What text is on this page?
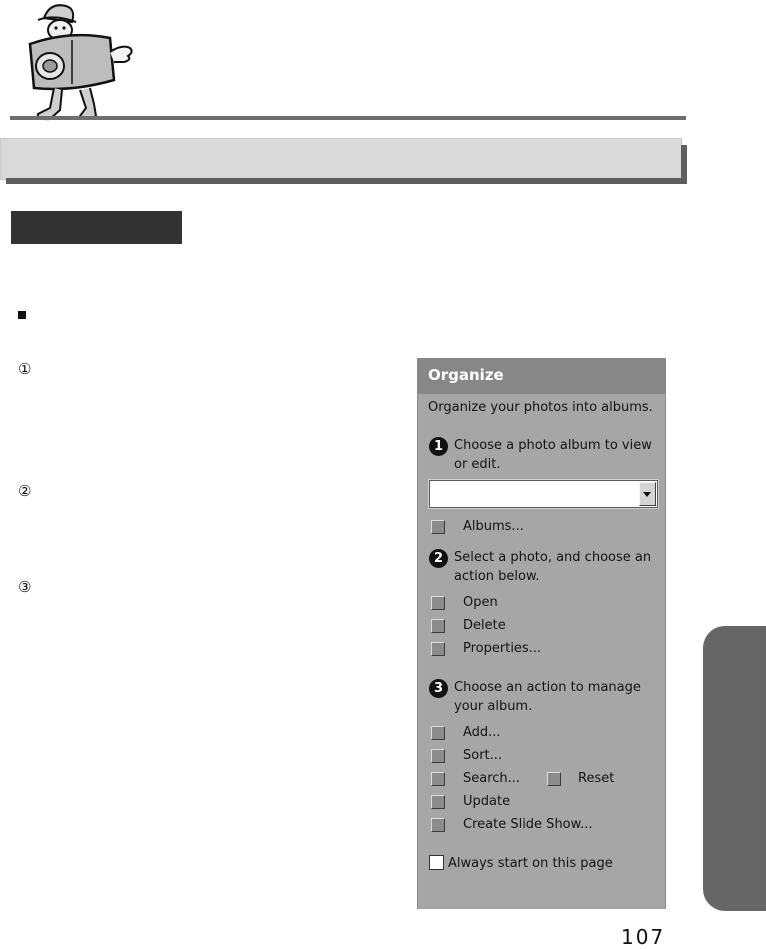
①
②
③
Organize
Organize your photos into albums.
1 Choose a photo album to view
or edit.
Albums...
2 Select a photo, and choose an
action below.
Open
Delete
Properties...
3 Choose an action to manage
your album.
Add...
Sort...
Search...	Reset
Update
Create Slide Show...
Always start on this page
107
